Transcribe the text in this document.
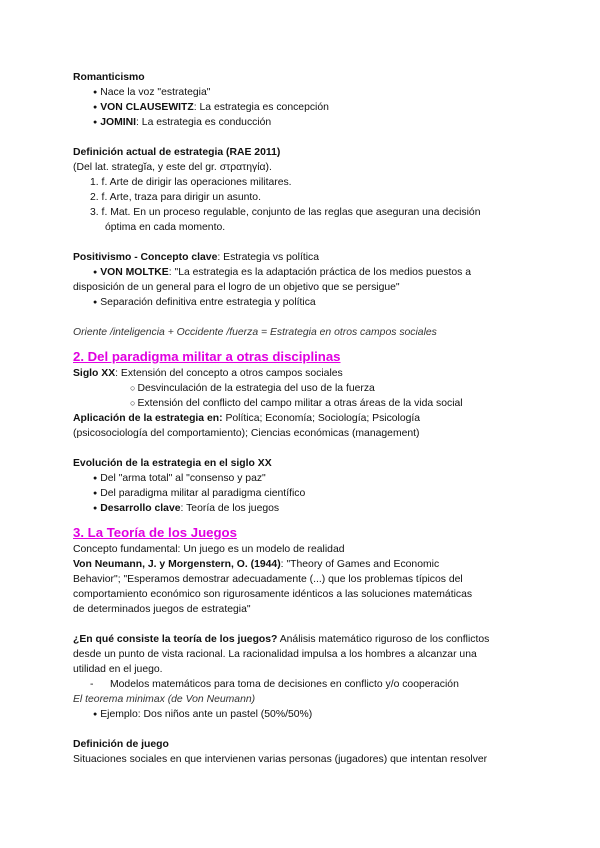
Romanticismo

● Nace la voz "estrategia"

● VON CLAUSEWITZ: La estrategia es concepción

● JOMINI: La estrategia es conducción

Definición actual de estrategia (RAE 2011)

(Del lat. strategĭa, y este del gr. στρατηγία).

1. f. Arte de dirigir las operaciones militares.

2. f. Arte, traza para dirigir un asunto.

3. f. Mat. En un proceso regulable, conjunto de las reglas que aseguran una decisión

óptima en cada momento.

Positivismo - Concepto clave: Estrategia vs política

● VON MOLTKE: "La estrategia es la adaptación práctica de los medios puestos a

disposición de un general para el logro de un objetivo que se persigue"

● Separación definitiva entre estrategia y política

Oriente /inteligencia + Occidente /fuerza = Estrategia en otros campos sociales

2. Del paradigma militar a otras disciplinas

Siglo XX: Extensión del concepto a otros campos sociales

○ Desvinculación de la estrategia del uso de la fuerza

○ Extensión del conflicto del campo militar a otras áreas de la vida social

Aplicación de la estrategia en: Política; Economía; Sociología; Psicología

(psicosociología del comportamiento); Ciencias económicas (management)

Evolución de la estrategia en el siglo XX

● Del "arma total" al "consenso y paz"

● Del paradigma militar al paradigma científico

● Desarrollo clave: Teoría de los juegos

3. La Teoría de los Juegos

Concepto fundamental: Un juego es un modelo de realidad

Von Neumann, J. y Morgenstern, O. (1944): "Theory of Games and Economic

Behavior"; "Esperamos demostrar adecuadamente (...) que los problemas típicos del

comportamiento económico son rigurosamente idénticos a las soluciones matemáticas

de determinados juegos de estrategia"

¿En qué consiste la teoría de los juegos? Análisis matemático riguroso de los conflictos

desde un punto de vista racional. La racionalidad impulsa a los hombres a alcanzar una

utilidad en el juego.

- Modelos matemáticos para toma de decisiones en conflicto y/o cooperación

El teorema minimax (de Von Neumann)

● Ejemplo: Dos niños ante un pastel (50%/50%)

Definición de juego

Situaciones sociales en que intervienen varias personas (jugadores) que intentan resolver
